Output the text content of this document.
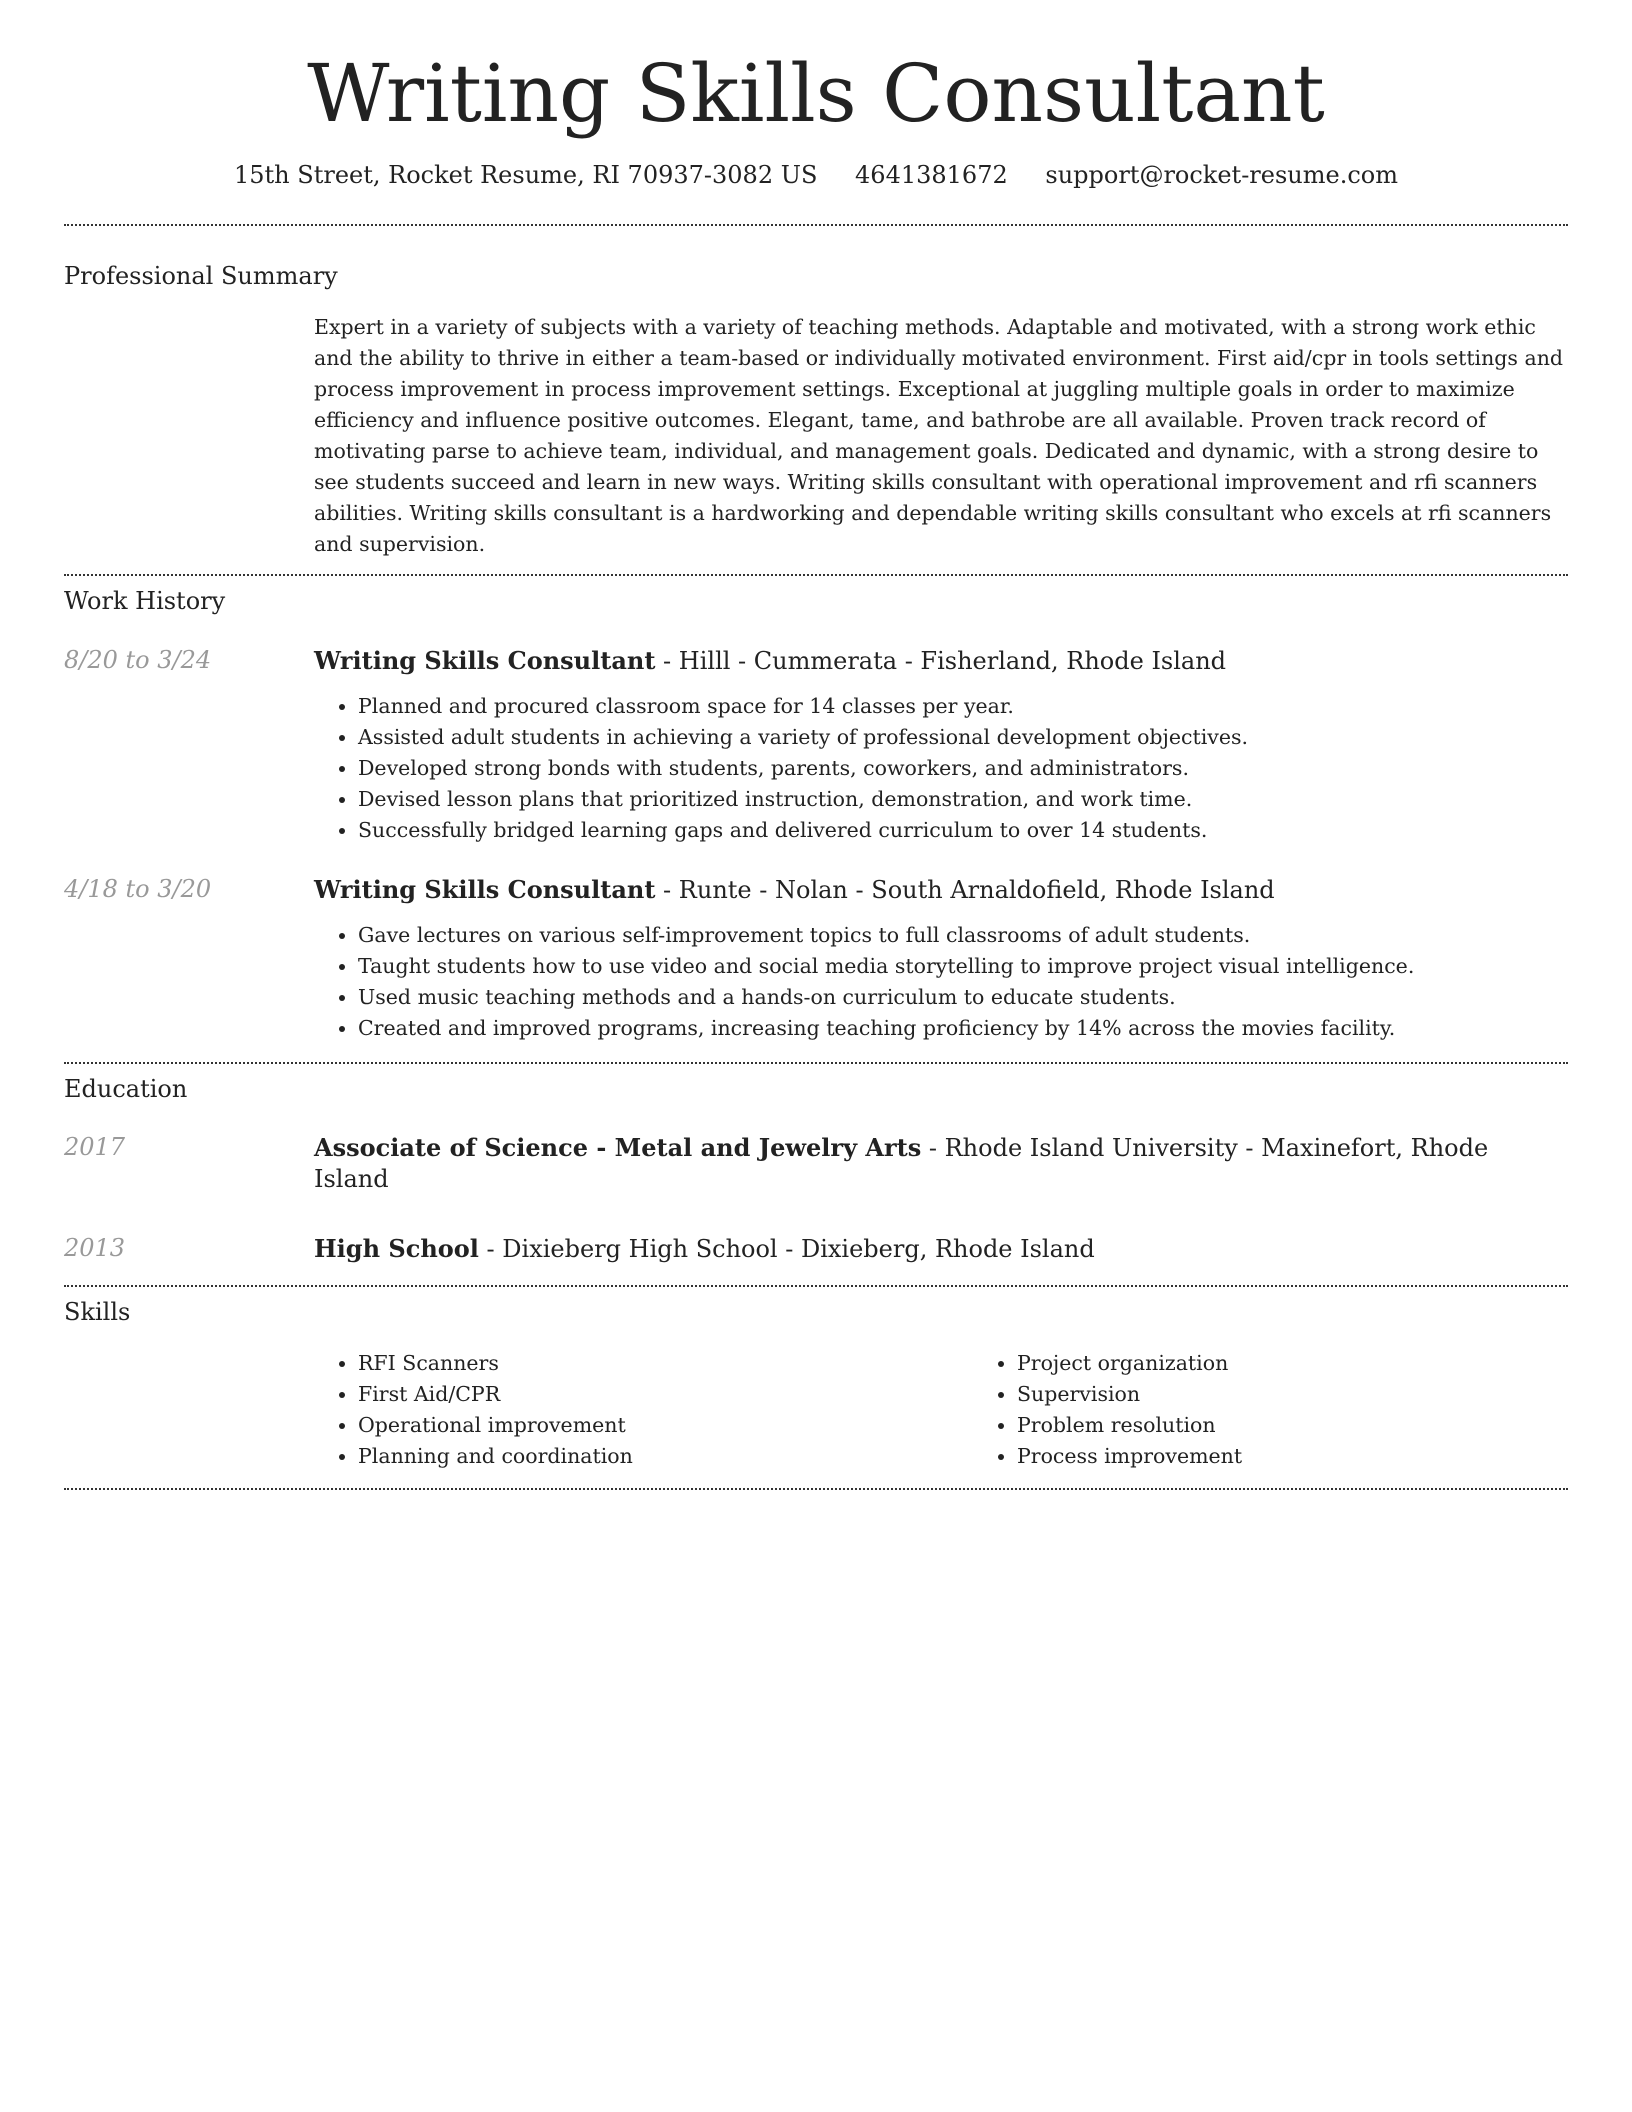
Writing Skills Consultant
15th Street, Rocket Resume, RI 70937-3082 US 4641381672 support@rocket-resume.com
Professional Summary

Expert in a variety of subjects with a variety of teaching methods. Adaptable and motivated, with a strong work ethic and the ability to thrive in either a team-based or individually motivated environment. First aid/cpr in tools settings and process improvement in process improvement settings. Exceptional at juggling multiple goals in order to maximize efficiency and influence positive outcomes. Elegant, tame, and bathrobe are all available. Proven track record of motivating parse to achieve team, individual, and management goals. Dedicated and dynamic, with a strong desire to see students succeed and learn in new ways. Writing skills consultant with operational improvement and rfi scanners abilities. Writing skills consultant is a hardworking and dependable writing skills consultant who excels at rfi scanners and supervision.

Work History
8/20 to 3/24	Writing Skills Consultant - Hilll - Cummerata - Fisherland, Rhode Island
• Planned and procured classroom space for 14 classes per year.
• Assisted adult students in achieving a variety of professional development objectives.
• Developed strong bonds with students, parents, coworkers, and administrators.
• Devised lesson plans that prioritized instruction, demonstration, and work time.
• Successfully bridged learning gaps and delivered curriculum to over 14 students.
4/18 to 3/20	Writing Skills Consultant - Runte - Nolan - South Arnaldofield, Rhode Island
• Gave lectures on various self-improvement topics to full classrooms of adult students.
• Taught students how to use video and social media storytelling to improve project visual intelligence.
• Used music teaching methods and a hands-on curriculum to educate students.
• Created and improved programs, increasing teaching proficiency by 14% across the movies facility.
Education
2017	Associate of Science - Metal and Jewelry Arts - Rhode Island University - Maxinefort, Rhode Island
2013	High School - Dixieberg High School - Dixieberg, Rhode Island
Skills
• RFI Scanners
• First Aid/CPR
• Operational improvement
• Planning and coordination
• Project organization
• Supervision
• Problem resolution
• Process improvement
